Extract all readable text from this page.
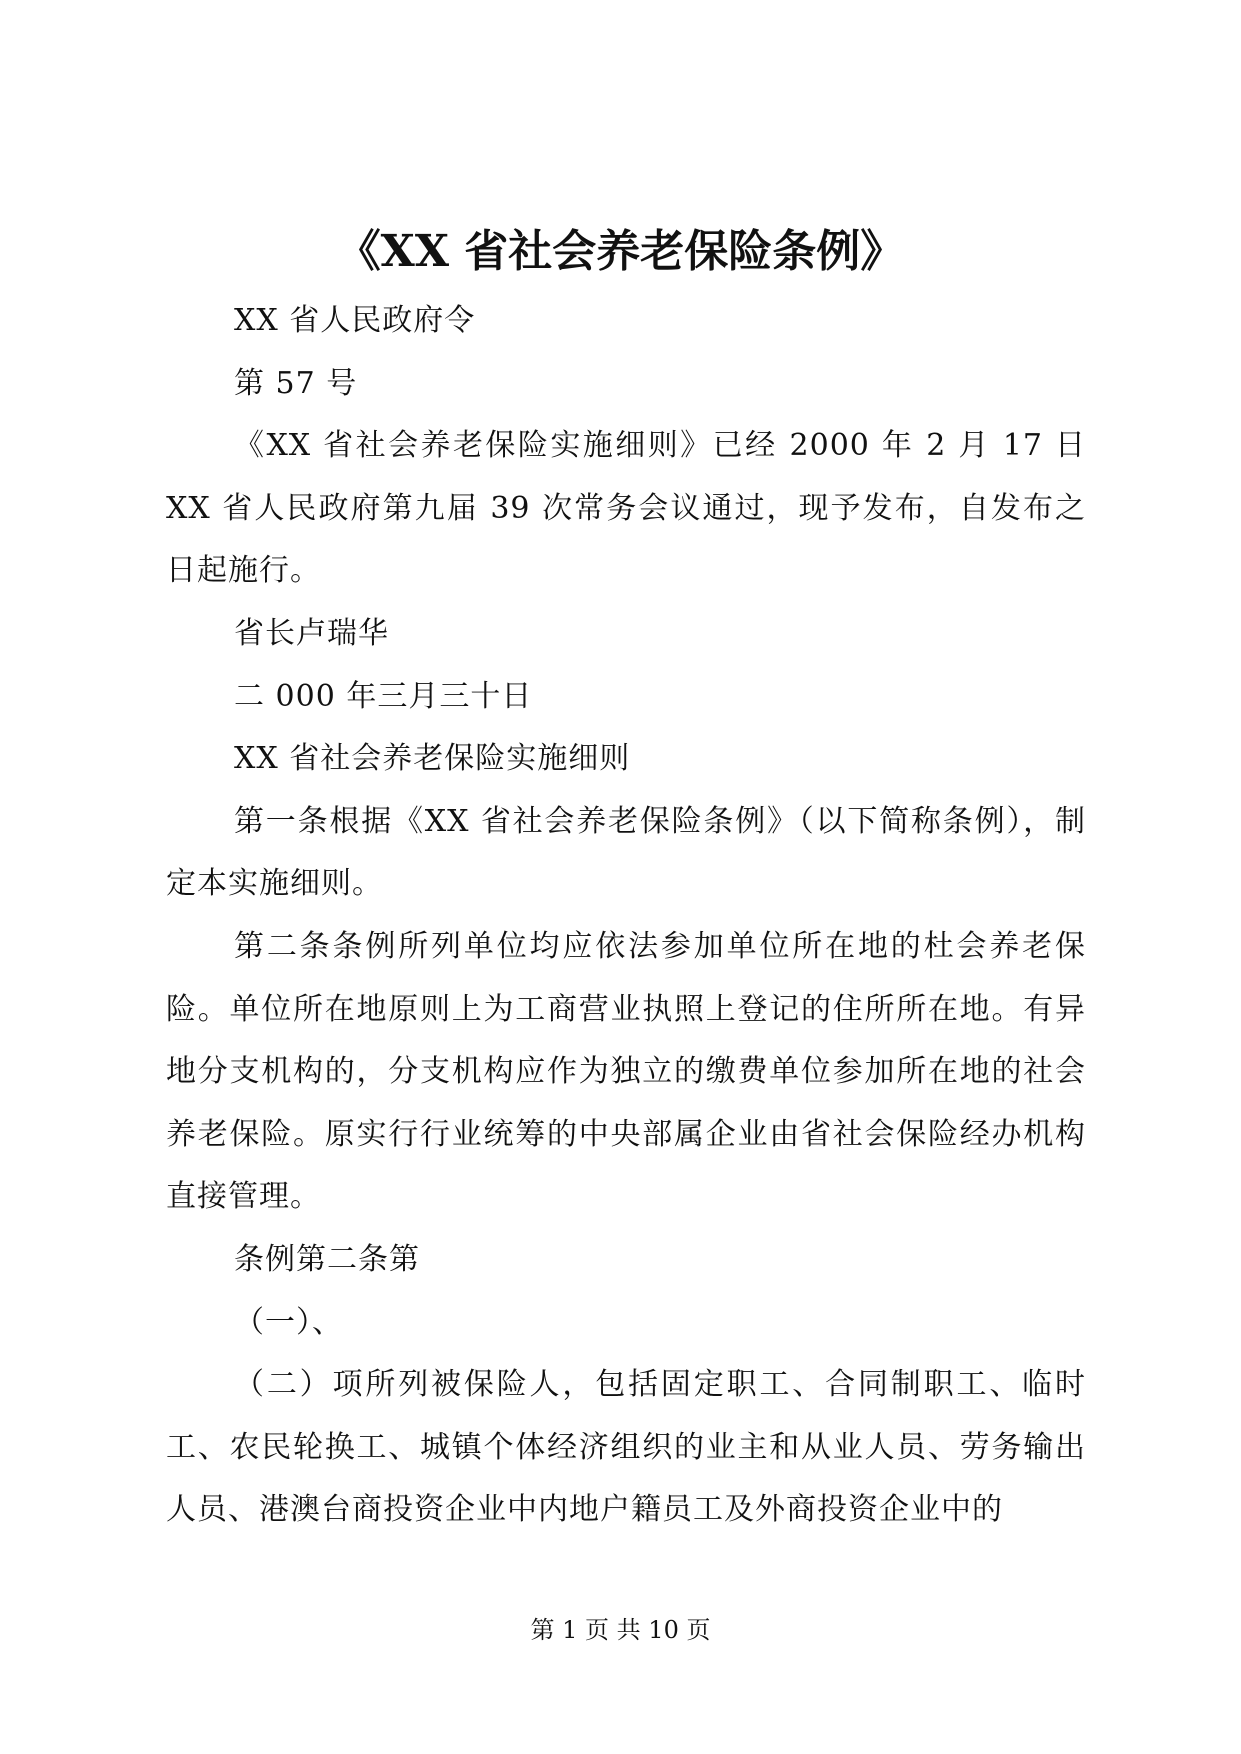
《XX 省社会养老保险条例》

XX 省人民政府令

第 57 号

《XX 省社会养老保险实施细则》已经 2000 年 2 月 17 日 XX 省人民政府第九届 39 次常务会议通过，现予发布，自发布之日起施行。

省长卢瑞华

二 000 年三月三十日

XX 省社会养老保险实施细则

第一条根据《XX 省社会养老保险条例》（以下简称条例），制定本实施细则。

第二条条例所列单位均应依法参加单位所在地的杜会养老保险。单位所在地原则上为工商营业执照上登记的住所所在地。有异地分支机构的，分支机构应作为独立的缴费单位参加所在地的社会养老保险。原实行行业统筹的中央部属企业由省社会保险经办机构直接管理。

条例第二条第

（一）、

（二）项所列被保险人，包括固定职工、合同制职工、临时工、农民轮换工、城镇个体经济组织的业主和从业人员、劳务输出人员、港澳台商投资企业中内地户籍员工及外商投资企业中的

第 1 页 共 10 页
